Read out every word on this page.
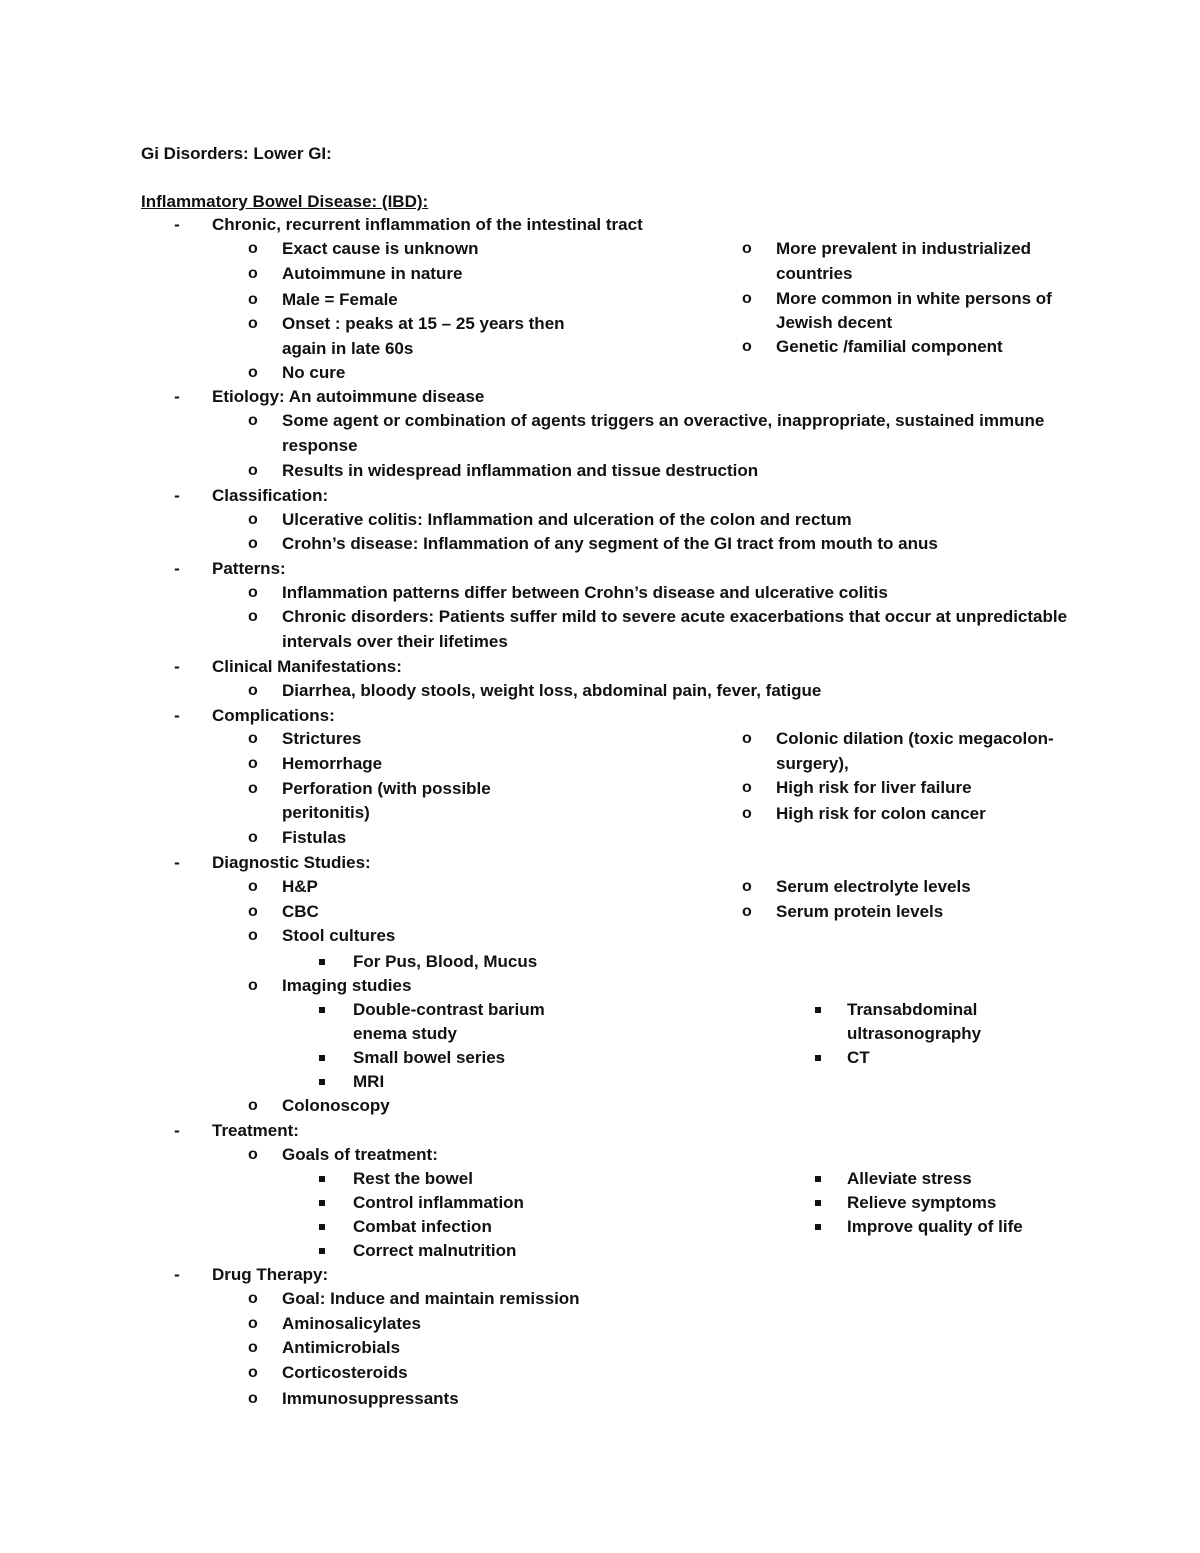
Gi Disorders: Lower GI:
Inflammatory Bowel Disease: (IBD):
- Chronic, recurrent inflammation of the intestinal tract
o Exact cause is unknown
o Autoimmune in nature
o Male = Female
o Onset : peaks at 15 – 25 years then
again in late 60s
o No cure
o More prevalent in industrialized
countries
o More common in white persons of
Jewish decent
o Genetic /familial component
- Etiology: An autoimmune disease
o Some agent or combination of agents triggers an overactive, inappropriate, sustained immune
response
o Results in widespread inflammation and tissue destruction
- Classification:
o Ulcerative colitis: Inflammation and ulceration of the colon and rectum
o Crohn’s disease: Inflammation of any segment of the GI tract from mouth to anus
- Patterns:
o Inflammation patterns differ between Crohn’s disease and ulcerative colitis
o Chronic disorders: Patients suffer mild to severe acute exacerbations that occur at unpredictable
intervals over their lifetimes
- Clinical Manifestations:
o Diarrhea, bloody stools, weight loss, abdominal pain, fever, fatigue
- Complications:
o Strictures
o Hemorrhage
o Perforation (with possible
peritonitis)
o Fistulas
o Colonic dilation (toxic megacolon-
surgery),
o High risk for liver failure
o High risk for colon cancer
- Diagnostic Studies:
o H&P
o CBC
o Stool cultures
For Pus, Blood, Mucus
o Imaging studies
Double-contrast barium
enema study
Small bowel series
MRI
Transabdominal
ultrasonography
CT
o Colonoscopy
o Serum electrolyte levels
o Serum protein levels
- Treatment:
o Goals of treatment:
Rest the bowel
Control inflammation
Combat infection
Correct malnutrition
Alleviate stress
Relieve symptoms
Improve quality of life
- Drug Therapy:
o Goal: Induce and maintain remission
o Aminosalicylates
o Antimicrobials
o Corticosteroids
o Immunosuppressants
